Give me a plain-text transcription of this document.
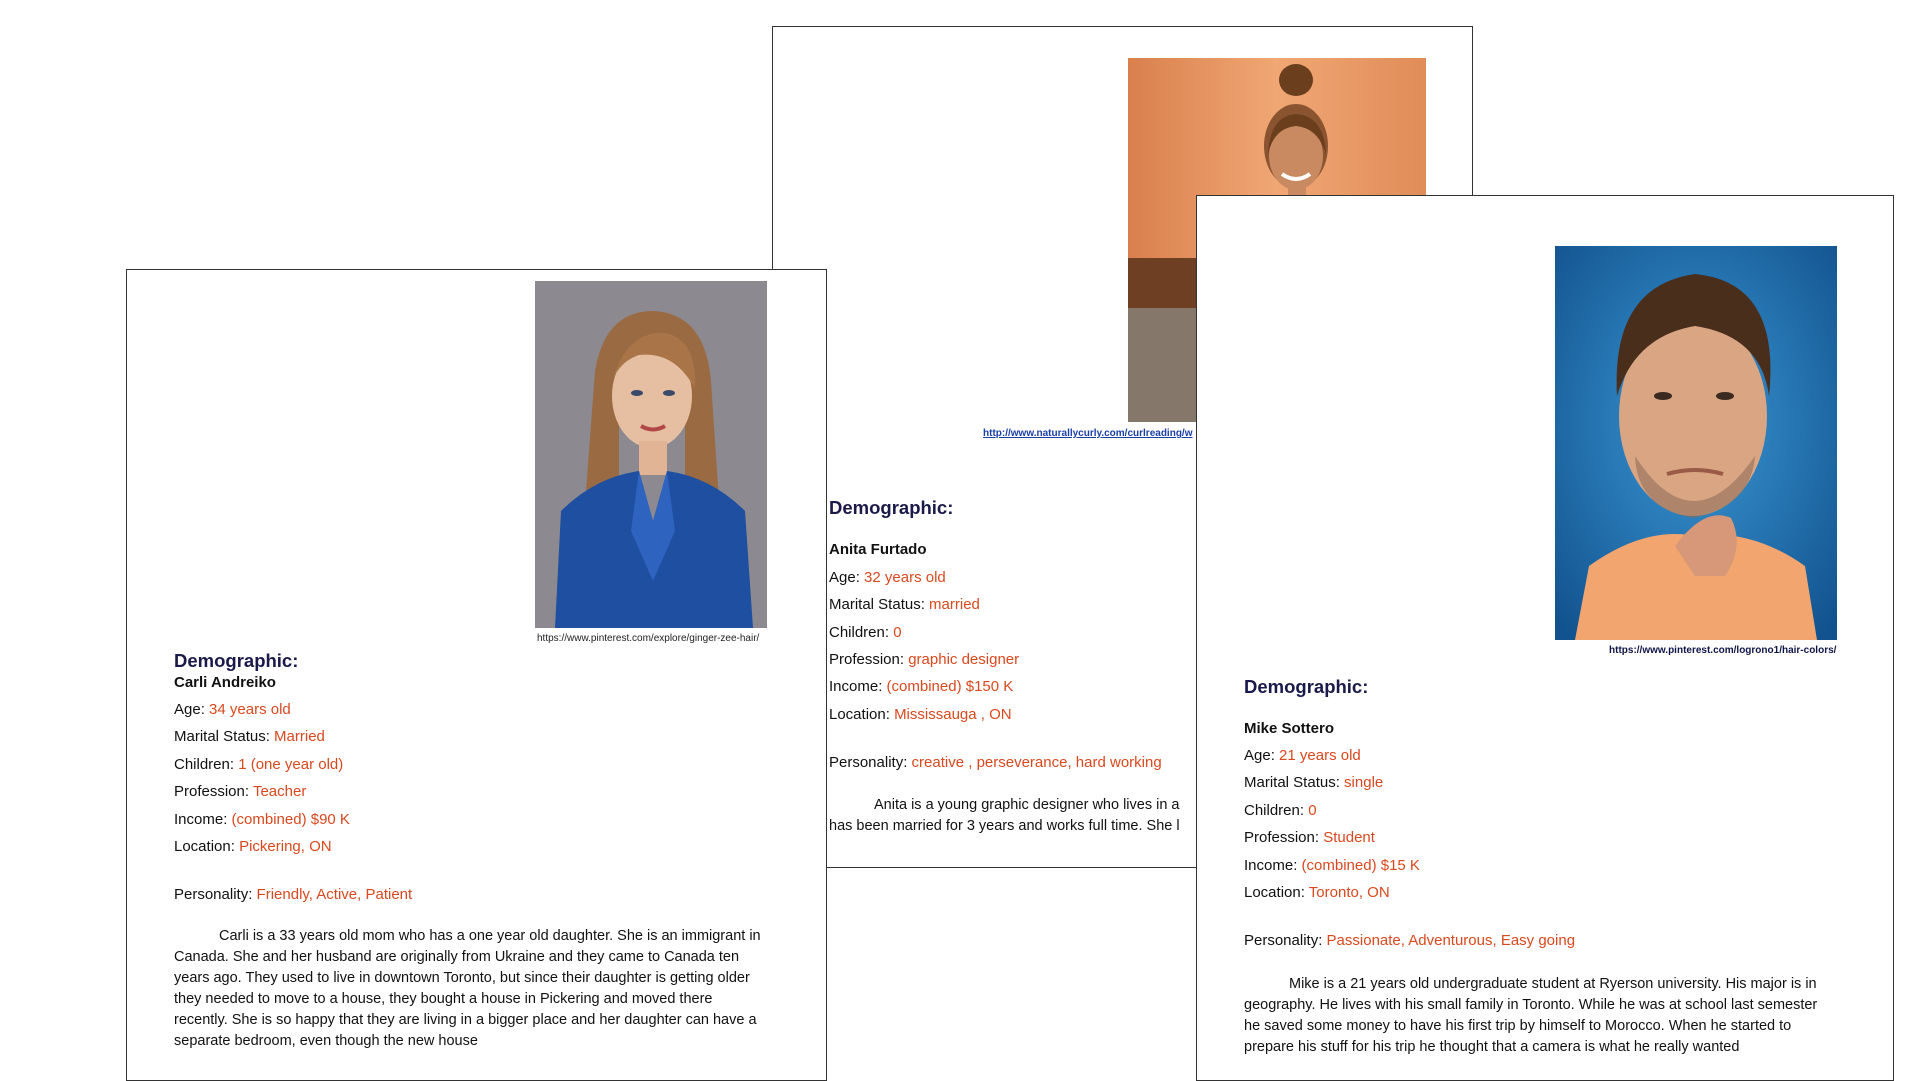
http://www.naturallycurly.com/curlreading/w
Demographic:
Anita Furtado
Age: 32 years old
Marital Status: married
Children: 0
Profession: graphic designer
Income: (combined) $150 K
Location: Mississauga , ON
Personality: creative , perseverance, hard working

Anita is a young graphic designer who lives in a has been married for 3 years and works full time. She l

https://www.pinterest.com/explore/ginger-zee-hair/
Demographic:
Carli Andreiko
Age: 34 years old
Marital Status: Married
Children: 1 (one year old)
Profession: Teacher
Income: (combined) $90 K
Location: Pickering, ON
Personality: Friendly, Active, Patient

Carli is a 33 years old mom who has a one year old daughter. She is an immigrant in Canada. She and her husband are originally from Ukraine and they came to Canada ten years ago. They used to live in downtown Toronto, but since their daughter is getting older they needed to move to a house, they bought a house in Pickering and moved there recently. She is so happy that they are living in a bigger place and her daughter can have a separate bedroom, even though the new house

https://www.pinterest.com/logrono1/hair-colors/
Demographic:
Mike Sottero
Age: 21 years old
Marital Status: single
Children: 0
Profession: Student
Income: (combined) $15 K
Location: Toronto, ON
Personality: Passionate, Adventurous, Easy going

Mike is a 21 years old undergraduate student at Ryerson university. His major is in geography. He lives with his small family in Toronto. While he was at school last semester he saved some money to have his first trip by himself to Morocco. When he started to prepare his stuff for his trip he thought that a camera is what he really wanted
